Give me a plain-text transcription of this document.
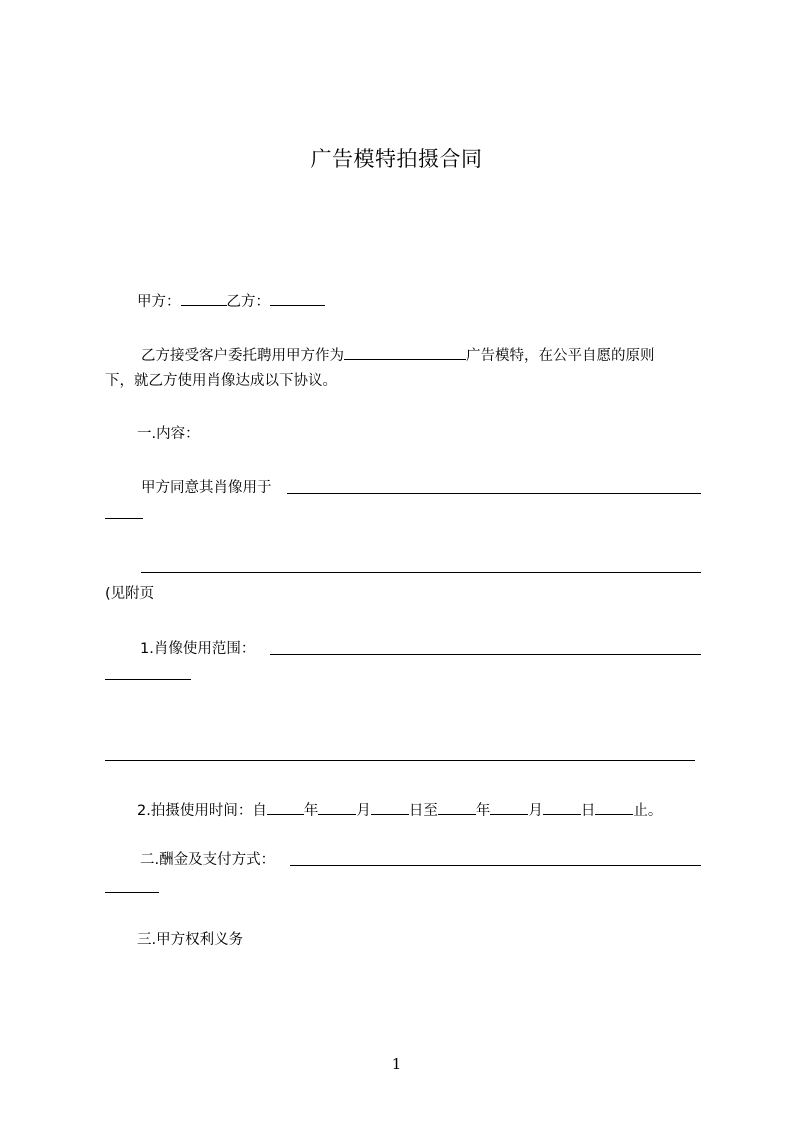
广告模特拍摄合同
甲方：	乙方：
乙方接受客户委托聘用甲方作为	广告模特，在公平自愿的原则
下，就乙方使用肖像达成以下协议。
一.内容：
甲方同意其肖像用于
(见附页
1.肖像使用范围：
2.拍摄使用时间：自	年	月	日至	年	月	日	止。
二.酬金及支付方式：
三.甲方权利义务
1
